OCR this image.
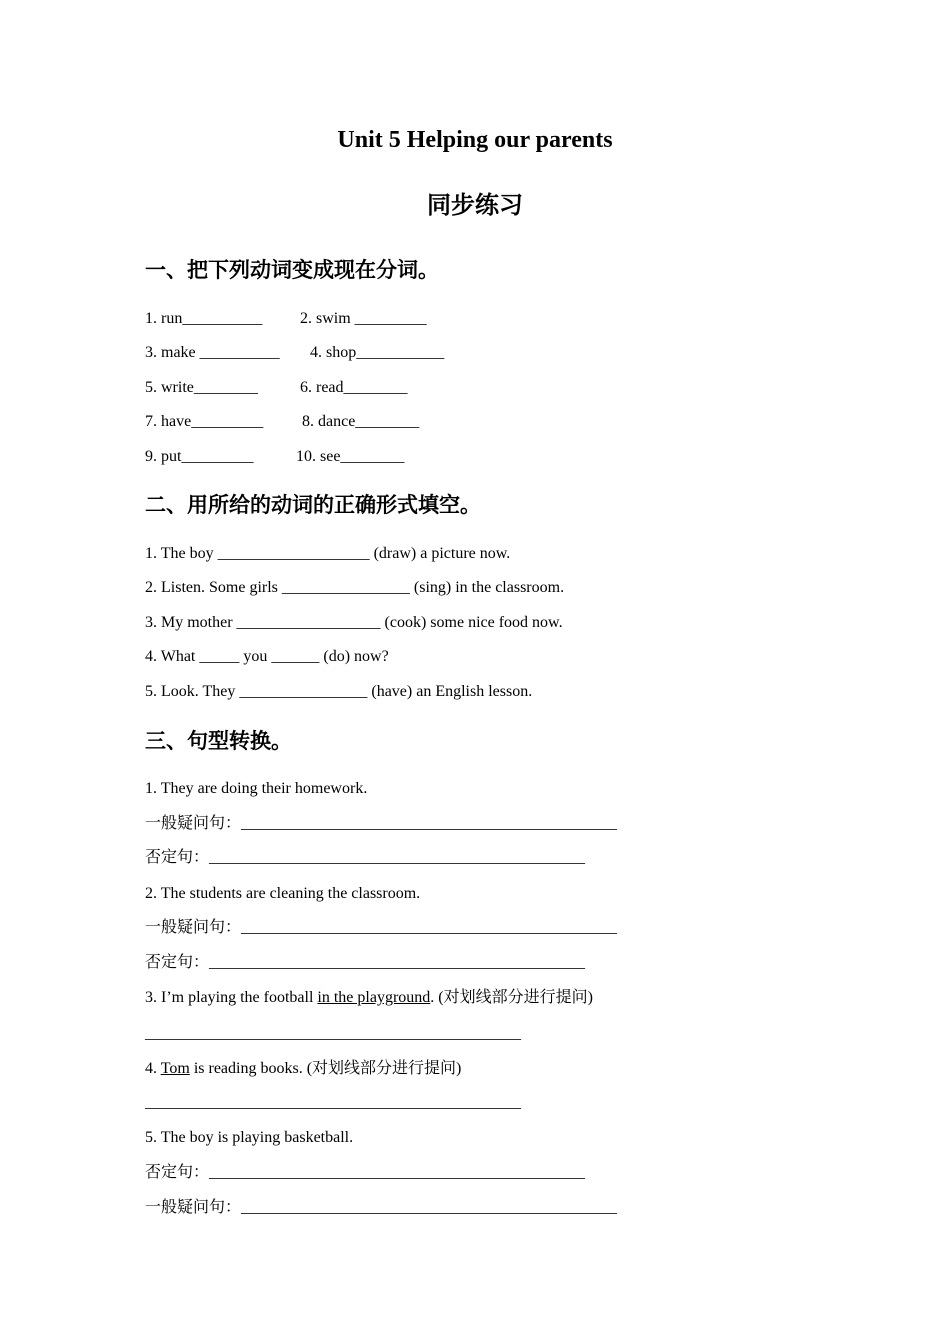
Unit 5 Helping our parents
同步练习
一、把下列动词变成现在分词。
1. run__________ 2. swim _________
3. make __________ 4. shop___________
5. write________	6. read________
7. have_________ 8. dance________
9. put_________	10. see________
二、用所给的动词的正确形式填空。
1. The boy ___________________ (draw) a picture now.
2. Listen. Some girls ________________ (sing) in the classroom.
3. My mother __________________ (cook) some nice food now.
4. What _____ you ______ (do) now?
5. Look. They ________________ (have) an English lesson.
三、句型转换。
1. They are doing their homework.
一般疑问句：_______________________________________________
否定句：_______________________________________________
2. The students are cleaning the classroom.
一般疑问句：_______________________________________________
否定句：_______________________________________________
3. I’m playing the football in the playground. (对划线部分进行提问)
_______________________________________________
4. Tom is reading books. (对划线部分进行提问)
_______________________________________________
5. The boy is playing basketball.
否定句：_______________________________________________
一般疑问句：_______________________________________________
